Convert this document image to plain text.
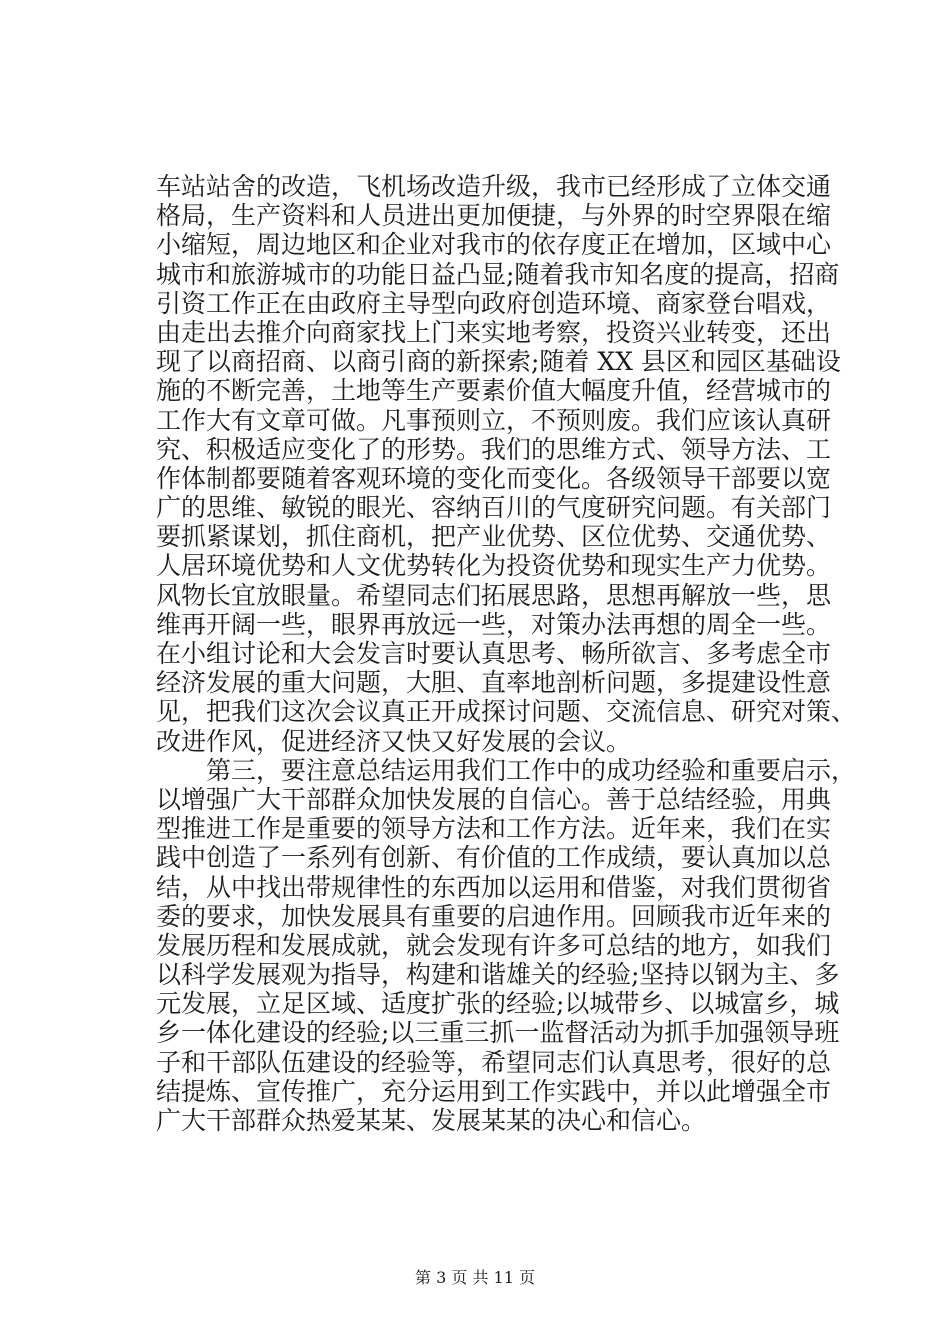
车站站舍的改造，飞机场改造升级，我市已经形成了立体交通
格局，生产资料和人员进出更加便捷，与外界的时空界限在缩
小缩短，周边地区和企业对我市的依存度正在增加，区域中心
城市和旅游城市的功能日益凸显;随着我市知名度的提高，招商
引资工作正在由政府主导型向政府创造环境、商家登台唱戏，
由走出去推介向商家找上门来实地考察，投资兴业转变，还出
现了以商招商、以商引商的新探索;随着 XX 县区和园区基础设
施的不断完善，土地等生产要素价值大幅度升值，经营城市的
工作大有文章可做。凡事预则立，不预则废。我们应该认真研
究、积极适应变化了的形势。我们的思维方式、领导方法、工
作体制都要随着客观环境的变化而变化。各级领导干部要以宽
广的思维、敏锐的眼光、容纳百川的气度研究问题。有关部门
要抓紧谋划，抓住商机，把产业优势、区位优势、交通优势、
人居环境优势和人文优势转化为投资优势和现实生产力优势。
风物长宜放眼量。希望同志们拓展思路，思想再解放一些，思
维再开阔一些，眼界再放远一些，对策办法再想的周全一些。
在小组讨论和大会发言时要认真思考、畅所欲言、多考虑全市
经济发展的重大问题，大胆、直率地剖析问题，多提建设性意
见，把我们这次会议真正开成探讨问题、交流信息、研究对策、
改进作风，促进经济又快又好发展的会议。
　　第三，要注意总结运用我们工作中的成功经验和重要启示，
以增强广大干部群众加快发展的自信心。善于总结经验，用典
型推进工作是重要的领导方法和工作方法。近年来，我们在实
践中创造了一系列有创新、有价值的工作成绩，要认真加以总
结，从中找出带规律性的东西加以运用和借鉴，对我们贯彻省
委的要求，加快发展具有重要的启迪作用。回顾我市近年来的
发展历程和发展成就，就会发现有许多可总结的地方，如我们
以科学发展观为指导，构建和谐雄关的经验;坚持以钢为主、多
元发展，立足区域、适度扩张的经验;以城带乡、以城富乡，城
乡一体化建设的经验;以三重三抓一监督活动为抓手加强领导班
子和干部队伍建设的经验等，希望同志们认真思考，很好的总
结提炼、宣传推广，充分运用到工作实践中，并以此增强全市
广大干部群众热爱某某、发展某某的决心和信心。
第 3 页 共 11 页
